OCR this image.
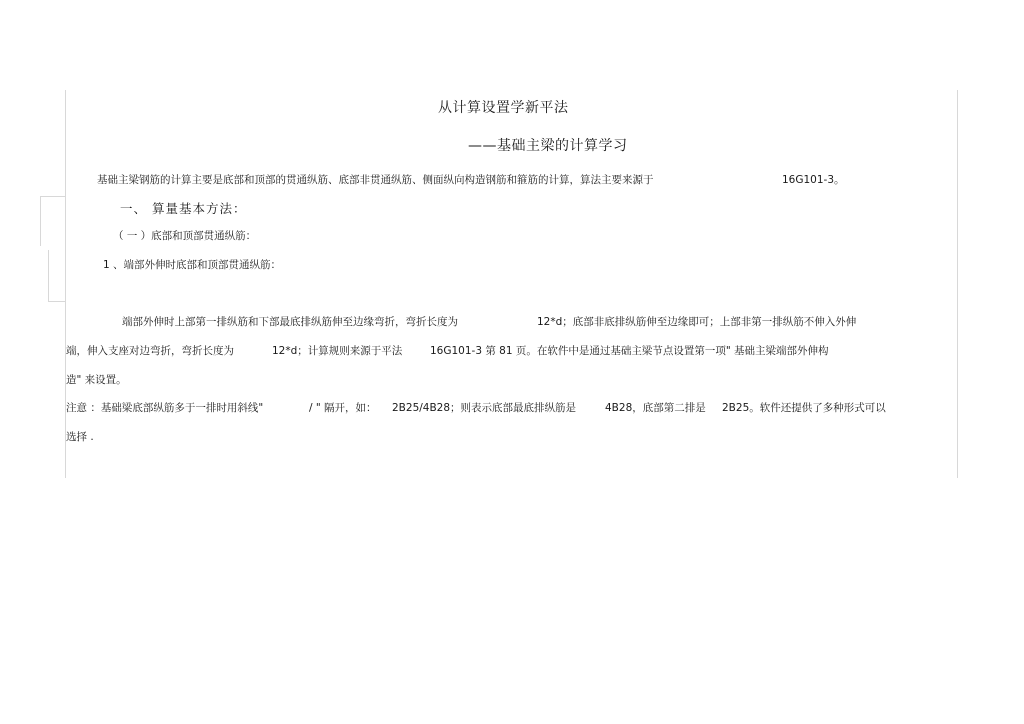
从计算设置学新平法
——基础主梁的计算学习
基础主梁钢筋的计算主要是底部和顶部的贯通纵筋、底部非贯通纵筋、侧面纵向构造钢筋和箍筋的计算，算法主要来源于	16G101-3。
一、 算量基本方法：
（ 一 ）底部和顶部贯通纵筋：
1 、端部外伸时底部和顶部贯通纵筋：
端部外伸时上部第一排纵筋和下部最底排纵筋伸至边缘弯折，弯折长度为	12*d；底部非底排纵筋伸至边缘即可；上部非第一排纵筋不伸入外伸
端，伸入支座对边弯折，弯折长度为	12*d；计算规则来源于平法	16G101-3 第 81 页。在软件中是通过基础主梁节点设置第一项" 基础主梁端部外伸构
造" 来设置。
注意 ：基础梁底部纵筋多于一排时用斜线"	/ " 隔开，如： 2B25/4B28；则表示底部最底排纵筋是	4B28，底部第二排是 2B25。软件还提供了多种形式可以
选择 .
